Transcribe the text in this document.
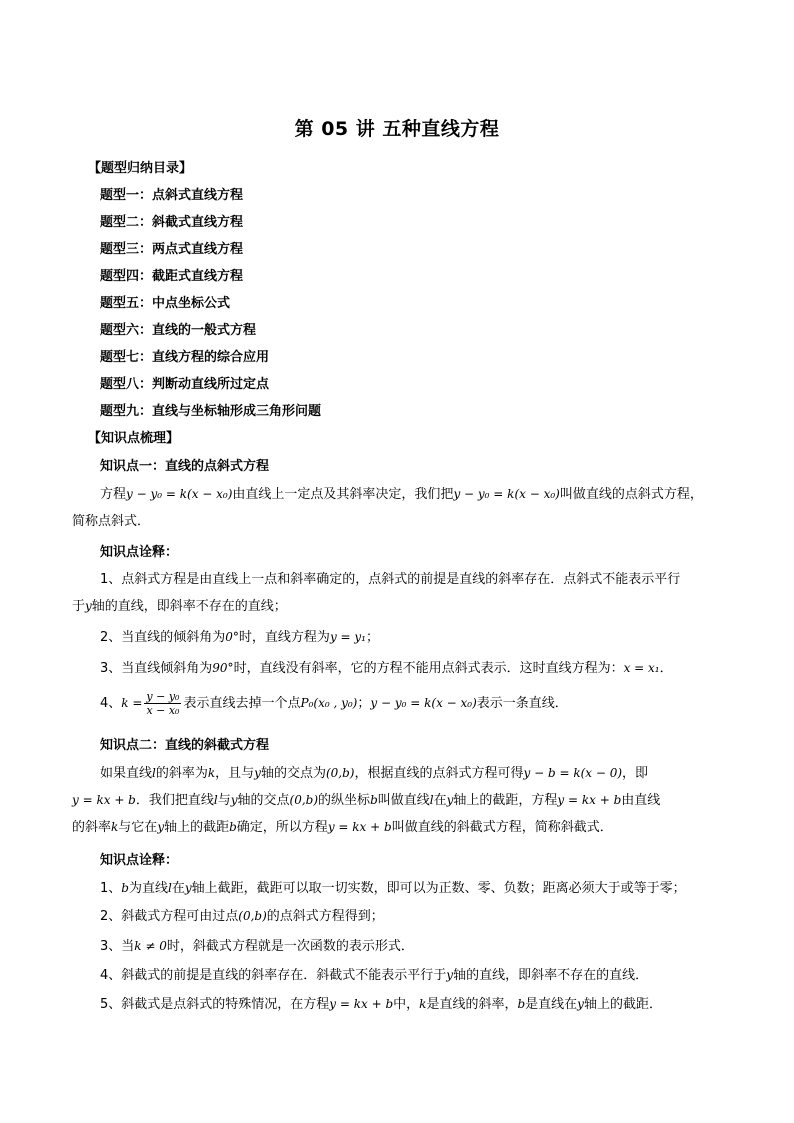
第 05 讲 五种直线方程
【题型归纳目录】
题型一：点斜式直线方程
题型二：斜截式直线方程
题型三：两点式直线方程
题型四：截距式直线方程
题型五：中点坐标公式
题型六：直线的一般式方程
题型七：直线方程的综合应用
题型八：判断动直线所过定点
题型九：直线与坐标轴形成三角形问题
【知识点梳理】
知识点一：直线的点斜式方程

方程y − y₀ = k(x − x₀)由直线上一定点及其斜率决定，我们把y − y₀ = k(x − x₀)叫做直线的点斜式方程，

简称点斜式．

知识点诠释：

1、点斜式方程是由直线上一点和斜率确定的，点斜式的前提是直线的斜率存在．点斜式不能表示平行

于y轴的直线，即斜率不存在的直线；

2、当直线的倾斜角为0°时，直线方程为y = y₁；

3、当直线倾斜角为90°时，直线没有斜率，它的方程不能用点斜式表示．这时直线方程为：x = x₁．

4、$k = \frac{\text{y − y₀}}{\text{x − x₀}}$ 表示直线去掉一个点P₀(x₀ , y₀)；y − y₀ = k(x − x₀)表示一条直线．

知识点二：直线的斜截式方程

如果直线l的斜率为k，且与y轴的交点为(0,b)，根据直线的点斜式方程可得y − b = k(x − 0)，即

y = kx + b．我们把直线l与y轴的交点(0,b)的纵坐标b叫做直线l在y轴上的截距，方程y = kx + b由直线

的斜率k与它在y轴上的截距b确定，所以方程y = kx + b叫做直线的斜截式方程，简称斜截式．

知识点诠释：

1、b为直线l在y轴上截距，截距可以取一切实数，即可以为正数、零、负数；距离必须大于或等于零；

2、斜截式方程可由过点(0,b)的点斜式方程得到；

3、当k ≠ 0时，斜截式方程就是一次函数的表示形式．

4、斜截式的前提是直线的斜率存在．斜截式不能表示平行于y轴的直线，即斜率不存在的直线．

5、斜截式是点斜式的特殊情况，在方程y = kx + b中，k是直线的斜率，b是直线在y轴上的截距．
